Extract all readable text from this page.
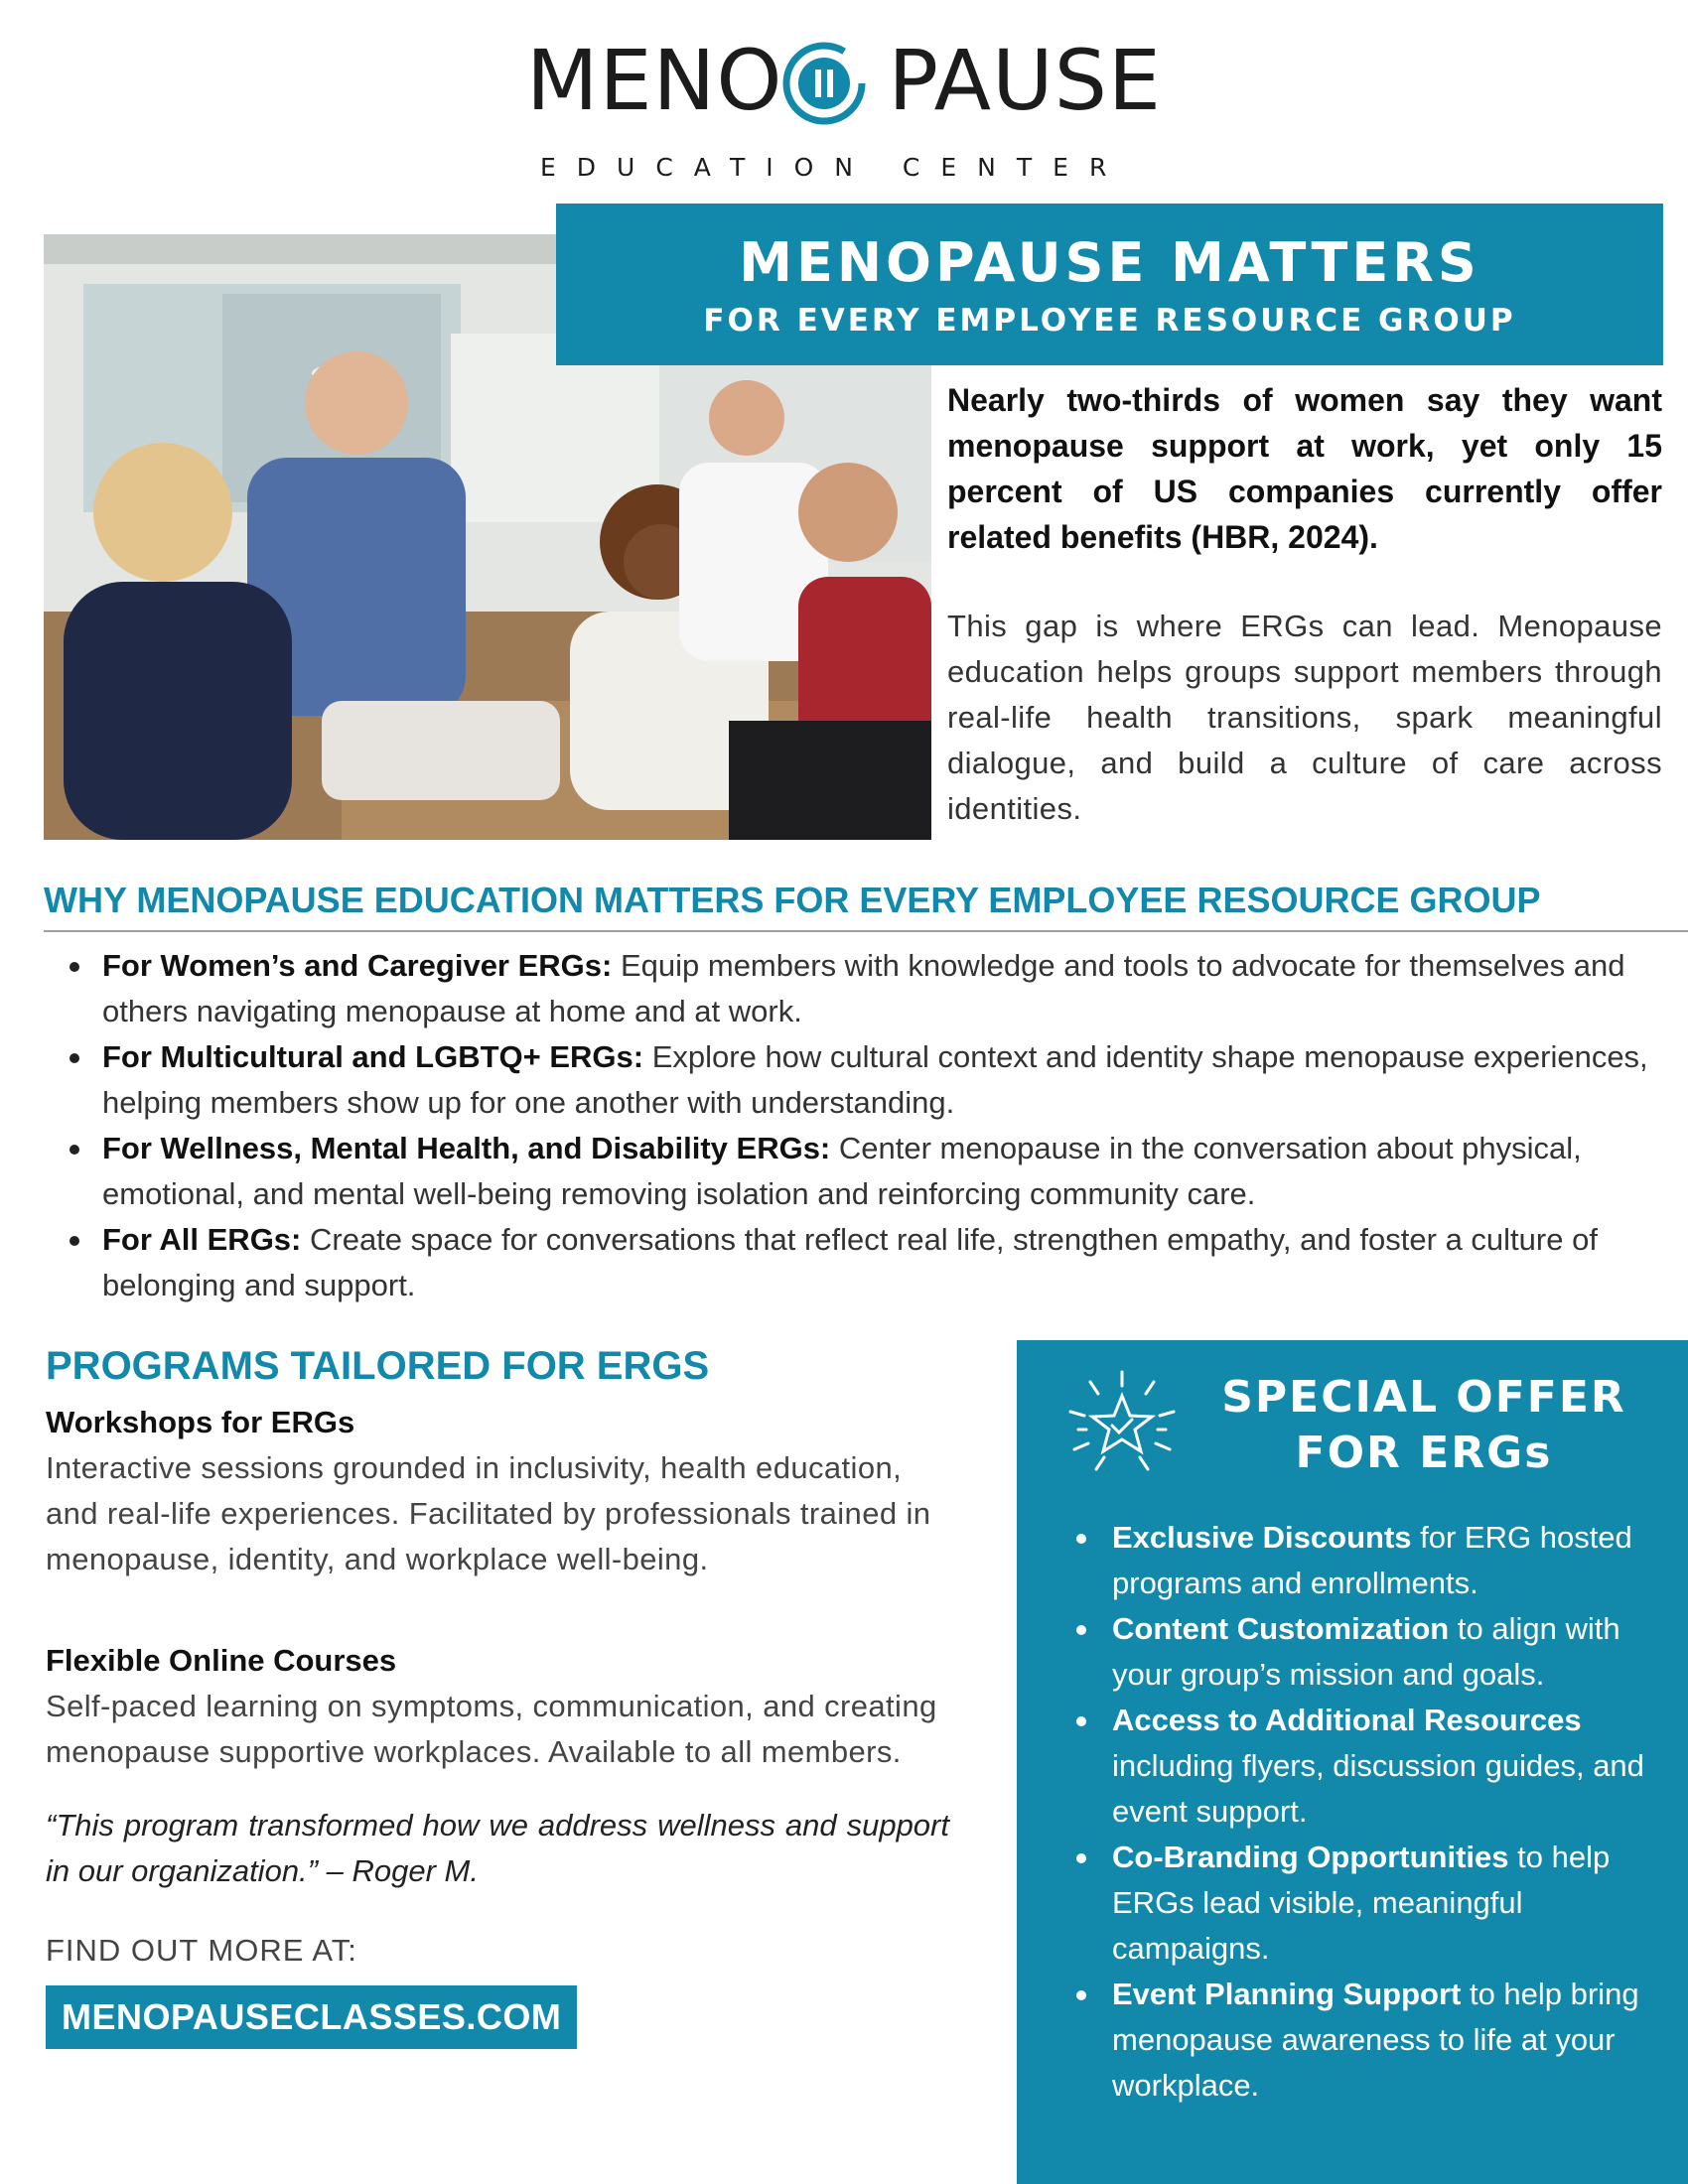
MENO PAUSE
EDUCATION CENTER
MENOPAUSE MATTERS
FOR EVERY EMPLOYEE RESOURCE GROUP

Nearly two-thirds of women say they want menopause support at work, yet only 15 percent of US companies currently offer related benefits (HBR, 2024).

This gap is where ERGs can lead. Menopause education helps groups support members through real-life health transitions, spark meaningful dialogue, and build a culture of care across identities.

WHY MENOPAUSE EDUCATION MATTERS FOR EVERY EMPLOYEE RESOURCE GROUP
For Women’s and Caregiver ERGs: Equip members with knowledge and tools to advocate for themselves and others navigating menopause at home and at work.
For Multicultural and LGBTQ+ ERGs: Explore how cultural context and identity shape menopause experiences, helping members show up for one another with understanding.
For Wellness, Mental Health, and Disability ERGs: Center menopause in the conversation about physical, emotional, and mental well-being removing isolation and reinforcing community care.
For All ERGs: Create space for conversations that reflect real life, strengthen empathy, and foster a culture of belonging and support.
PROGRAMS TAILORED FOR ERGS
Workshops for ERGs
Interactive sessions grounded in inclusivity, health education, and real-life experiences. Facilitated by professionals trained in menopause, identity, and workplace well-being.
Flexible Online Courses
Self-paced learning on symptoms, communication, and creating menopause supportive workplaces. Available to all members.
“This program transformed how we address wellness and support in our organization.” – Roger M.
FIND OUT MORE AT:
MENOPAUSECLASSES.COM
SPECIAL OFFER
FOR ERGs
Exclusive Discounts for ERG hosted programs and enrollments.
Content Customization to align with your group’s mission and goals.
Access to Additional Resources including flyers, discussion guides, and event support.
Co-Branding Opportunities to help ERGs lead visible, meaningful campaigns.
Event Planning Support to help bring menopause awareness to life at your workplace.
